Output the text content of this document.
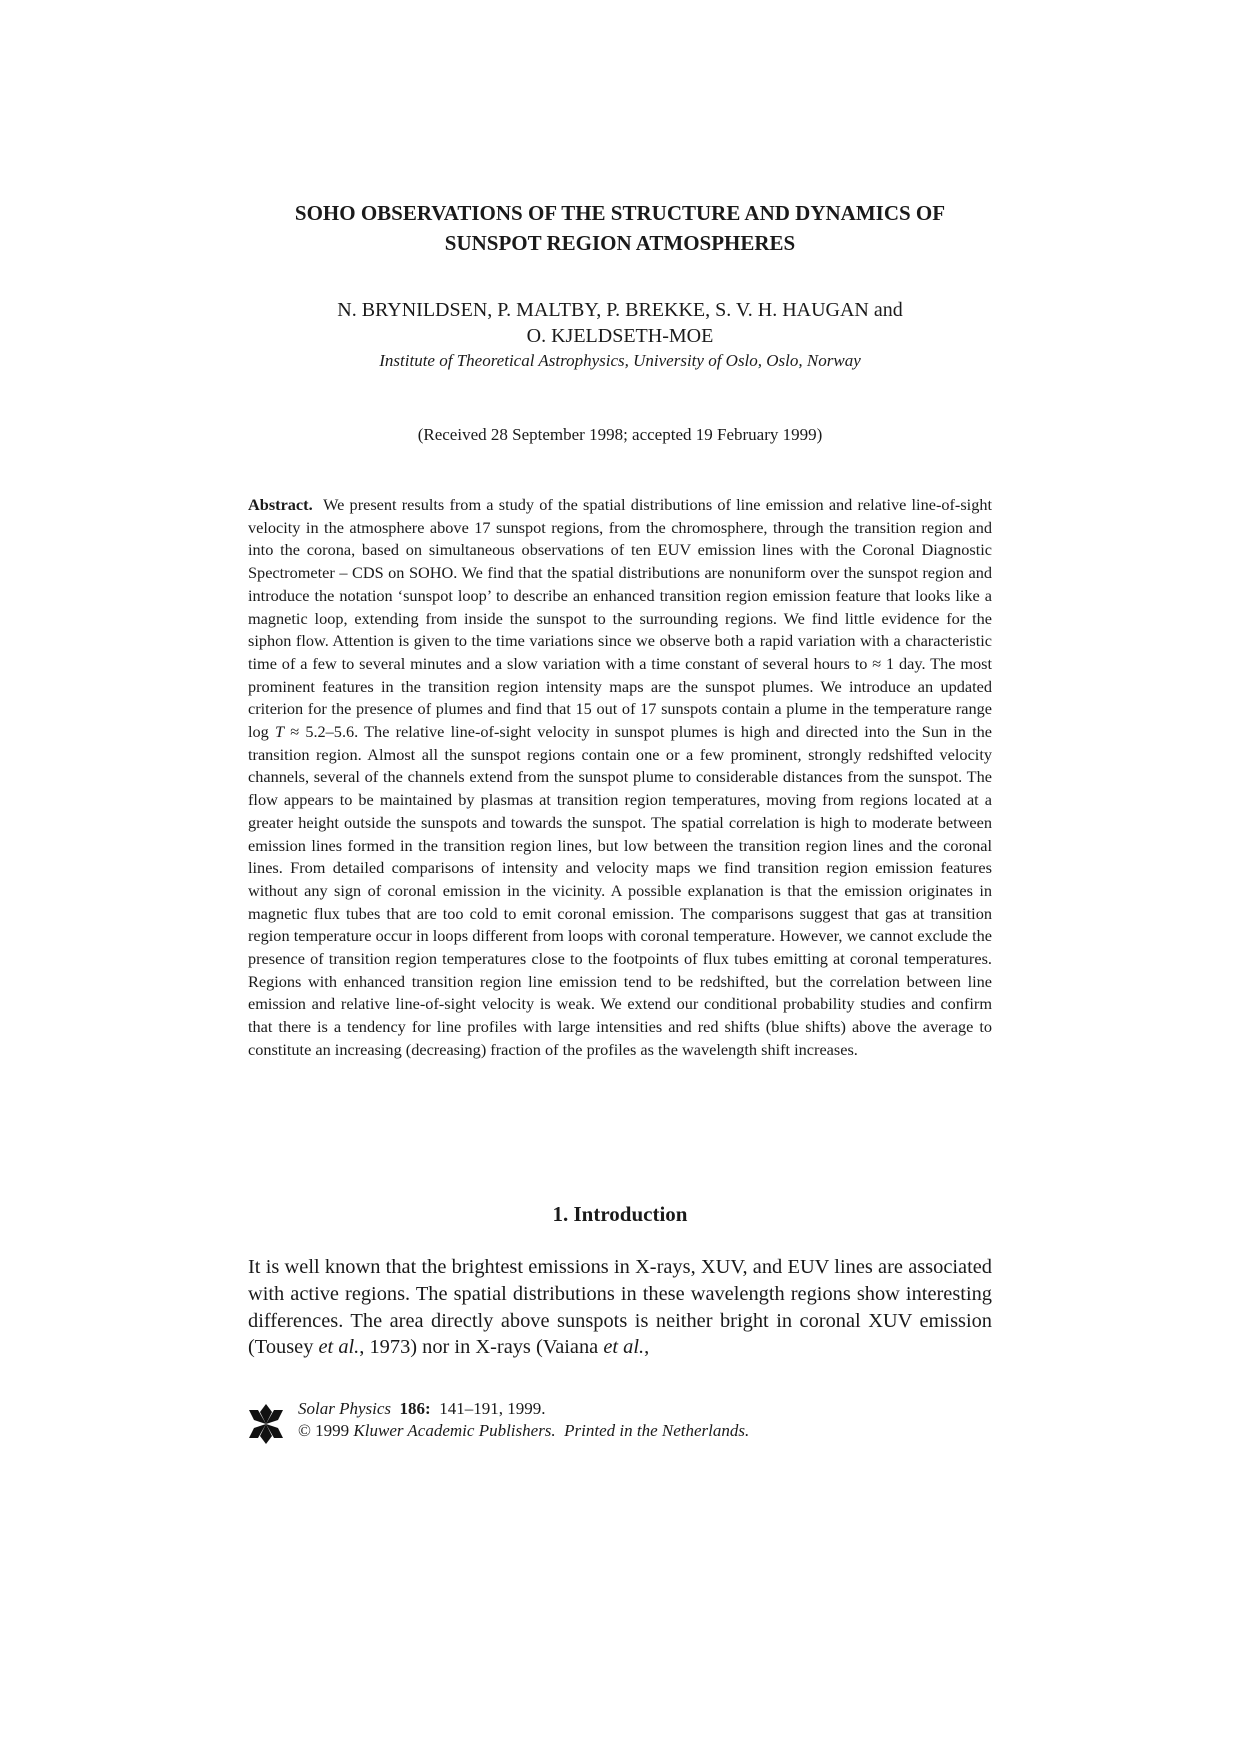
SOHO OBSERVATIONS OF THE STRUCTURE AND DYNAMICS OF
SUNSPOT REGION ATMOSPHERES
N. BRYNILDSEN, P. MALTBY, P. BREKKE, S. V. H. HAUGAN and
O. KJELDSETH-MOE
Institute of Theoretical Astrophysics, University of Oslo, Oslo, Norway
(Received 28 September 1998; accepted 19 February 1999)
Abstract. We present results from a study of the spatial distributions of line emission and relative line-of-sight velocity in the atmosphere above 17 sunspot regions, from the chromosphere, through the transition region and into the corona, based on simultaneous observations of ten EUV emission lines with the Coronal Diagnostic Spectrometer – CDS on SOHO. We find that the spatial distributions are nonuniform over the sunspot region and introduce the notation ‘sunspot loop’ to describe an enhanced transition region emission feature that looks like a magnetic loop, extending from inside the sunspot to the surrounding regions. We find little evidence for the siphon flow. Attention is given to the time variations since we observe both a rapid variation with a characteristic time of a few to several minutes and a slow variation with a time constant of several hours to ≈ 1 day. The most prominent features in the transition region intensity maps are the sunspot plumes. We introduce an updated criterion for the presence of plumes and find that 15 out of 17 sunspots contain a plume in the temperature range log T ≈ 5.2–5.6. The relative line-of-sight velocity in sunspot plumes is high and directed into the Sun in the transition region. Almost all the sunspot regions contain one or a few prominent, strongly redshifted velocity channels, several of the channels extend from the sunspot plume to considerable distances from the sunspot. The flow appears to be maintained by plasmas at transition region temperatures, moving from regions located at a greater height outside the sunspots and towards the sunspot. The spatial correlation is high to moderate between emission lines formed in the transition region lines, but low between the transition region lines and the coronal lines. From detailed comparisons of intensity and velocity maps we find transition region emission features without any sign of coronal emission in the vicinity. A possible explanation is that the emission originates in magnetic flux tubes that are too cold to emit coronal emission. The comparisons suggest that gas at transition region temperature occur in loops different from loops with coronal temperature. However, we cannot exclude the presence of transition region temperatures close to the footpoints of flux tubes emitting at coronal temperatures. Regions with enhanced transition region line emission tend to be redshifted, but the correlation between line emission and relative line-of-sight velocity is weak. We extend our conditional probability studies and confirm that there is a tendency for line profiles with large intensities and red shifts (blue shifts) above the average to constitute an increasing (decreasing) fraction of the profiles as the wavelength shift increases.
1. Introduction
It is well known that the brightest emissions in X-rays, XUV, and EUV lines are associated with active regions. The spatial distributions in these wavelength regions show interesting differences. The area directly above sunspots is neither bright in coronal XUV emission (Tousey et al., 1973) nor in X-rays (Vaiana et al.,
Solar Physics 186: 141–191, 1999.
© 1999 Kluwer Academic Publishers. Printed in the Netherlands.
